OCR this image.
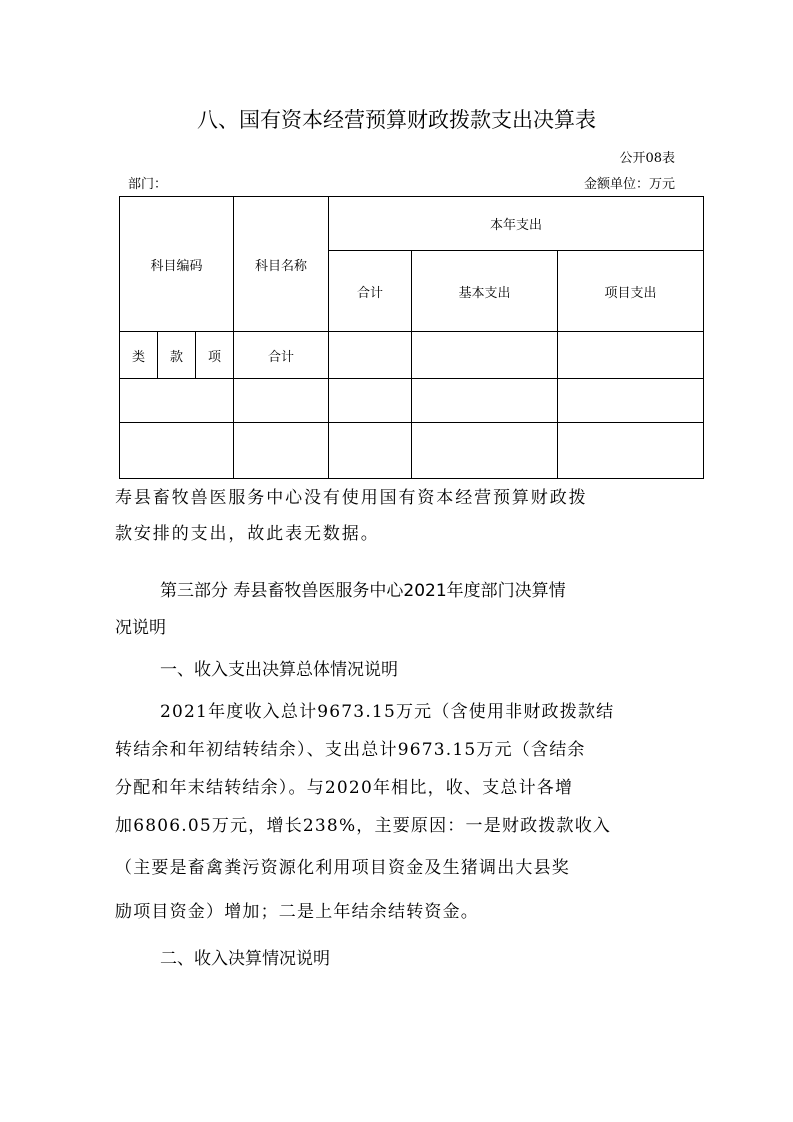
八、国有资本经营预算财政拨款支出决算表
公开08表
部门：	金额单位：万元
科目编码			科目名称	本年支出		
				合计	基本支出	项目支出
类	款	项	合计			

寿县畜牧兽医服务中心没有使用国有资本经营预算财政拨
款安排的支出，故此表无数据。
第三部分 寿县畜牧兽医服务中心2021年度部门决算情
况说明
一、收入支出决算总体情况说明
2021年度收入总计9673.15万元（含使用非财政拨款结
转结余和年初结转结余）、支出总计9673.15万元（含结余
分配和年末结转结余）。与2020年相比，收、支总计各增
加6806.05万元，增长238%，主要原因：一是财政拨款收入
（主要是畜禽粪污资源化利用项目资金及生猪调出大县奖
励项目资金）增加；二是上年结余结转资金。
二、收入决算情况说明
